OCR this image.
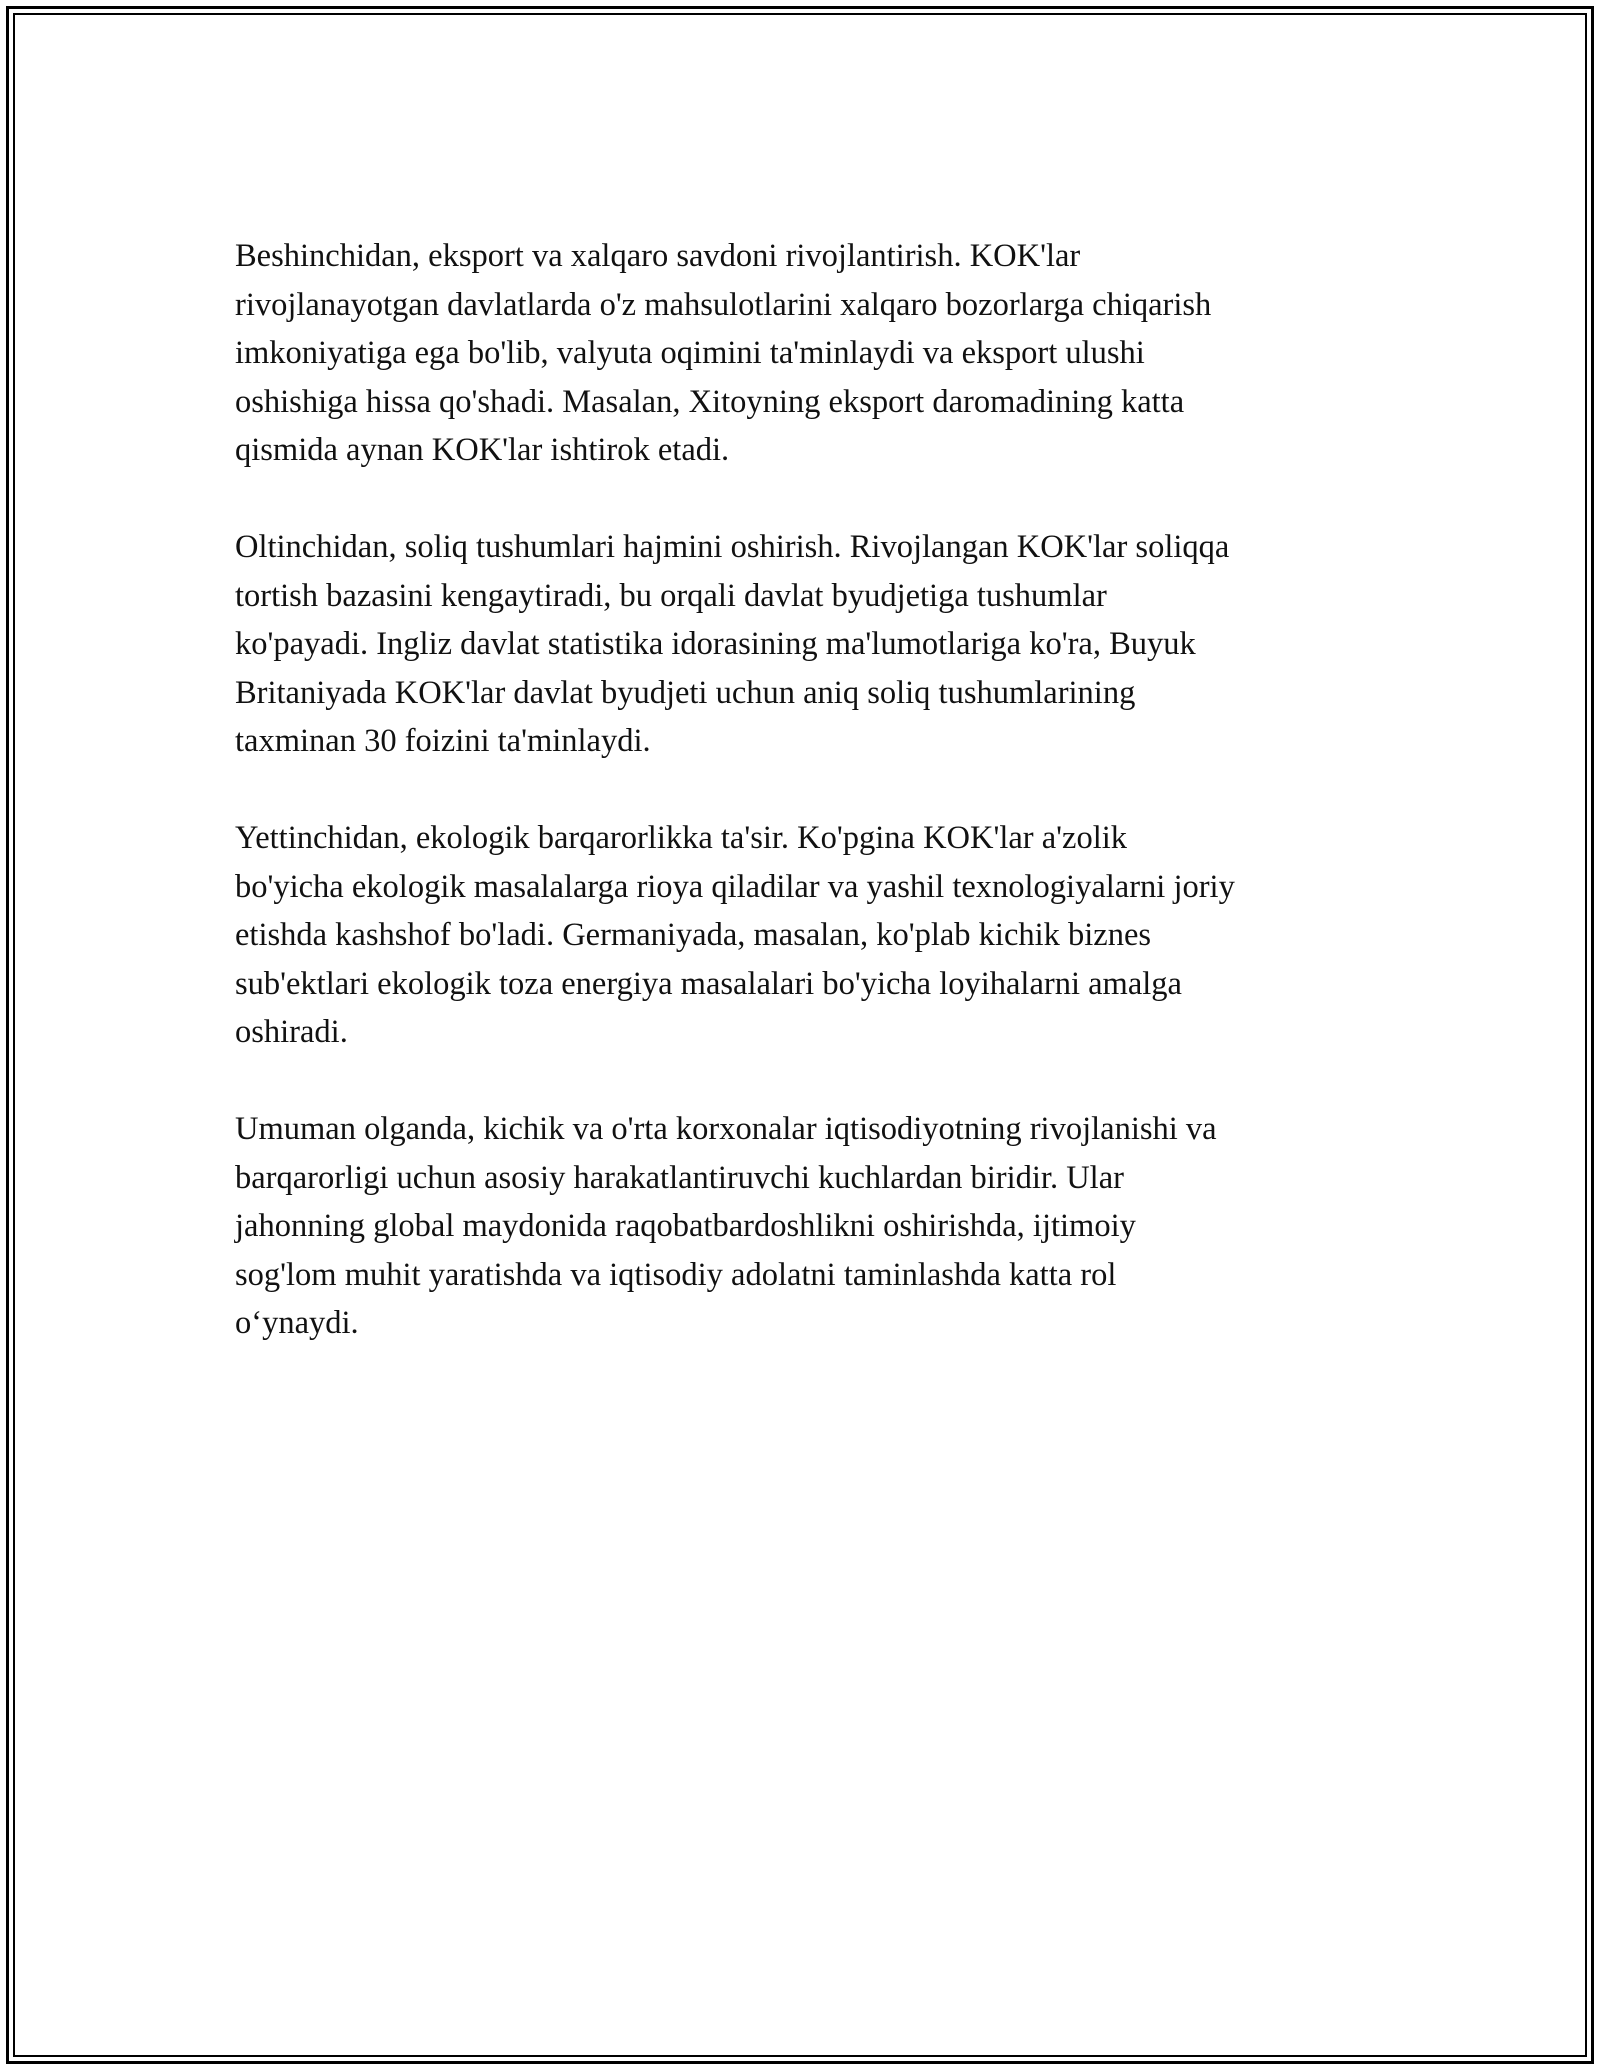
Beshinchidan, eksport va xalqaro savdoni rivojlantirish. KOK'lar
rivojlanayotgan davlatlarda o'z mahsulotlarini xalqaro bozorlarga chiqarish
imkoniyatiga ega bo'lib, valyuta oqimini ta'minlaydi va eksport ulushi
oshishiga hissa qo'shadi. Masalan, Xitoyning eksport daromadining katta
qismida aynan KOK'lar ishtirok etadi.

Oltinchidan, soliq tushumlari hajmini oshirish. Rivojlangan KOK'lar soliqqa
tortish bazasini kengaytiradi, bu orqali davlat byudjetiga tushumlar
ko'payadi. Ingliz davlat statistika idorasining ma'lumotlariga ko'ra, Buyuk
Britaniyada KOK'lar davlat byudjeti uchun aniq soliq tushumlarining
taxminan 30 foizini ta'minlaydi.

Yettinchidan, ekologik barqarorlikka ta'sir. Ko'pgina KOK'lar a'zolik
bo'yicha ekologik masalalarga rioya qiladilar va yashil texnologiyalarni joriy
etishda kashshof bo'ladi. Germaniyada, masalan, ko'plab kichik biznes
sub'ektlari ekologik toza energiya masalalari bo'yicha loyihalarni amalga
oshiradi.

Umuman olganda, kichik va o'rta korxonalar iqtisodiyotning rivojlanishi va
barqarorligi uchun asosiy harakatlantiruvchi kuchlardan biridir. Ular
jahonning global maydonida raqobatbardoshlikni oshirishda, ijtimoiy
sog'lom muhit yaratishda va iqtisodiy adolatni taminlashda katta rol
o‘ynaydi.
